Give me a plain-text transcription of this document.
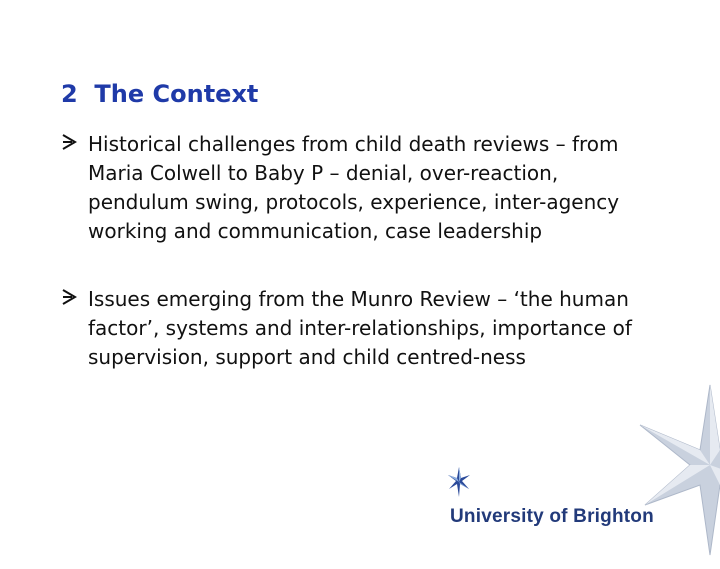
2  The Context
Historical challenges from child death reviews – from Maria Colwell to Baby P – denial, over-reaction, pendulum swing, protocols, experience, inter-agency working and communication, case leadership
Issues emerging from the Munro Review – ‘the human factor’, systems and inter-relationships, importance of supervision, support and child centred-ness
University of Brighton
